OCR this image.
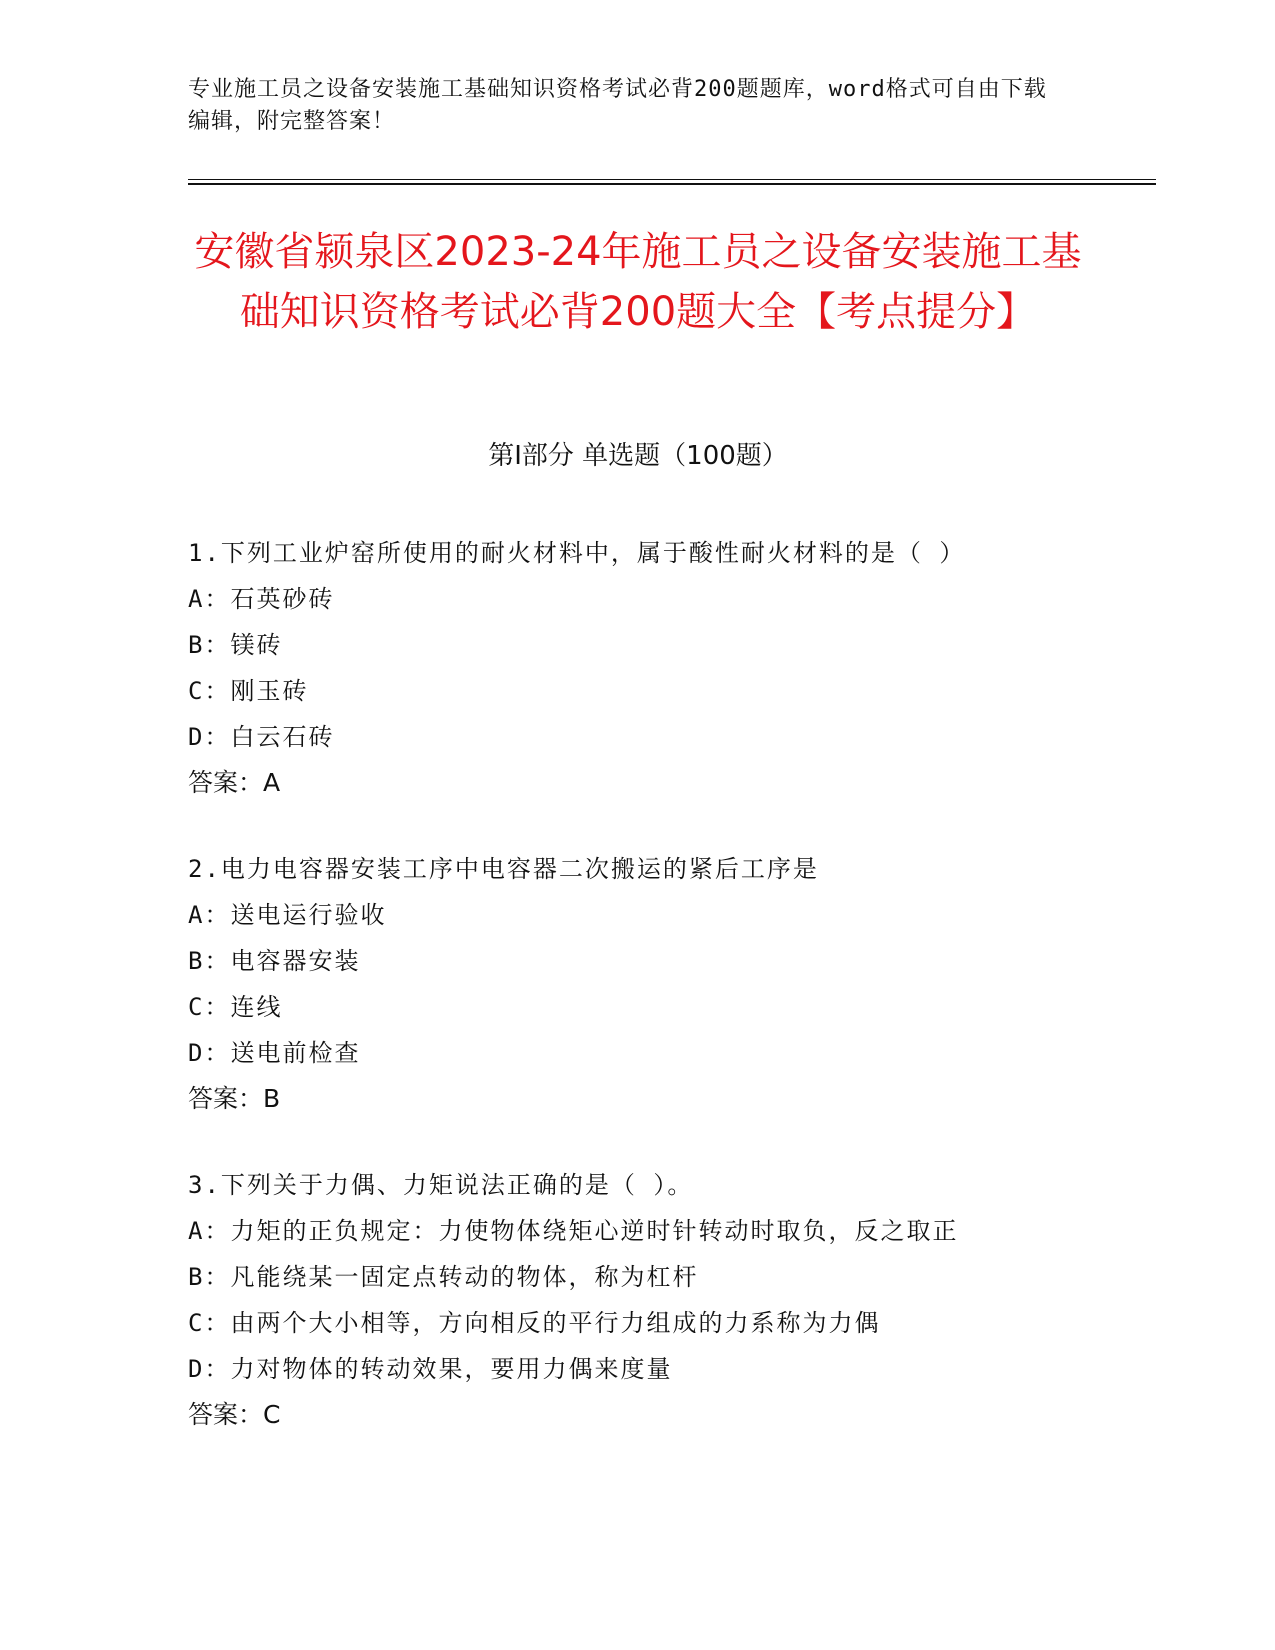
专业施工员之设备安装施工基础知识资格考试必背200题题库，word格式可自由下载编辑，附完整答案！
安徽省颍泉区2023-24年施工员之设备安装施工基础知识资格考试必背200题大全【考点提分】
第Ⅰ部分 单选题（100题）
1.下列工业炉窑所使用的耐火材料中，属于酸性耐火材料的是（ ）
A：石英砂砖
B：镁砖
C：刚玉砖
D：白云石砖
答案：A
2.电力电容器安装工序中电容器二次搬运的紧后工序是
A：送电运行验收
B：电容器安装
C：连线
D：送电前检查
答案：B
3.下列关于力偶、力矩说法正确的是（ ）。
A：力矩的正负规定：力使物体绕矩心逆时针转动时取负，反之取正
B：凡能绕某一固定点转动的物体，称为杠杆
C：由两个大小相等，方向相反的平行力组成的力系称为力偶
D：力对物体的转动效果，要用力偶来度量
答案：C
